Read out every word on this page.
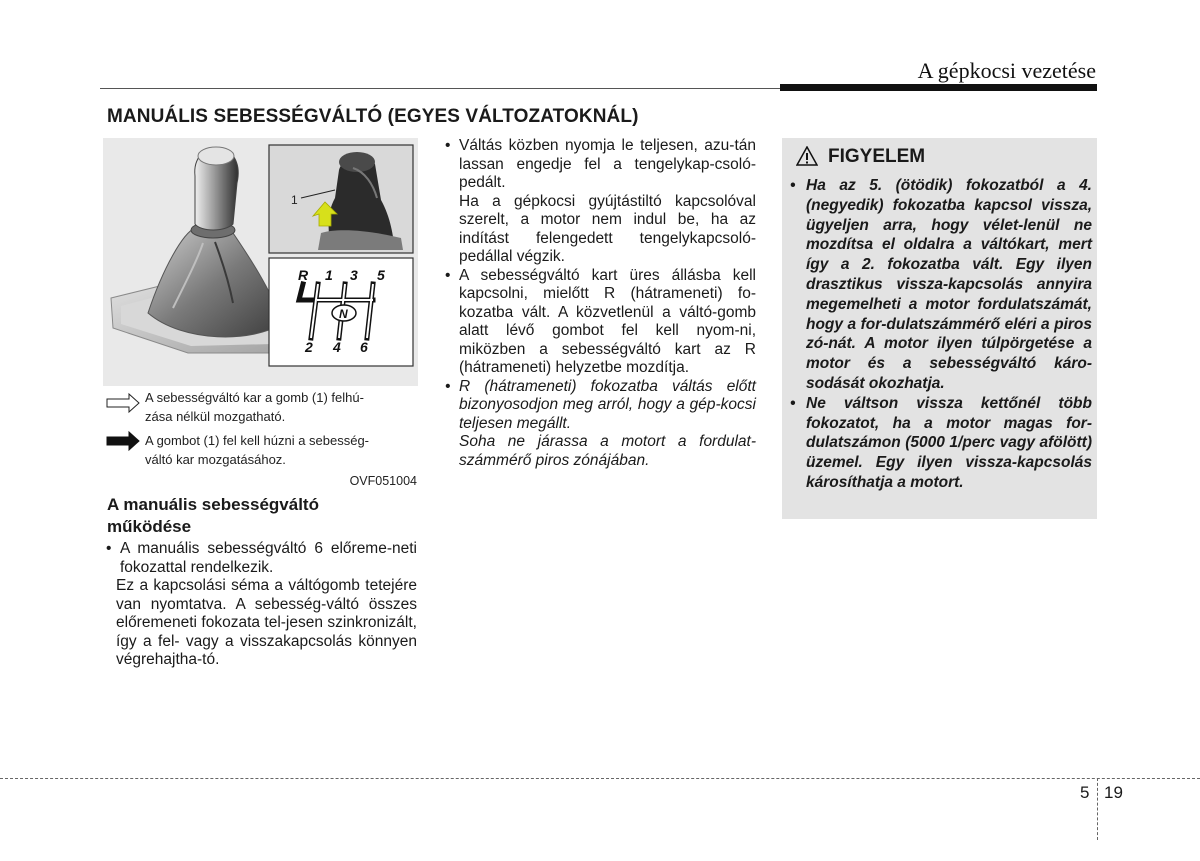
A gépkocsi vezetése
MANUÁLIS SEBESSÉGVÁLTÓ (EGYES VÁLTOZATOKNÁL)
1
R 1 3 5
2 4 6
N
A sebességváltó kar a gomb (1) felhú-
zása nélkül mozgatható.
A gombot (1) fel kell húzni a sebesség-
váltó kar mozgatásához.
OVF051004
A manuális sebességváltó
működése
• A manuális sebességváltó 6 előreme-neti fokozattal rendelkezik.
Ez a kapcsolási séma a váltógomb tetejére van nyomtatva. A sebesség-váltó összes előremeneti fokozata tel-jesen szinkronizált, így a fel- vagy a visszakapcsolás könnyen végrehajtha-tó.
• Váltás közben nyomja le teljesen, azu-tán lassan engedje fel a tengelykap-csoló-pedált.
Ha a gépkocsi gyújtástiltó kapcsolóval szerelt, a motor nem indul be, ha az indítást felengedett tengelykapcsoló-pedállal végzik.
• A sebességváltó kart üres állásba kell kapcsolni, mielőtt R (hátrameneti) fo-kozatba vált. A közvetlenül a váltó-gomb alatt lévő gombot fel kell nyom-ni, miközben a sebességváltó kart az R (hátrameneti) helyzetbe mozdítja.
• R (hátrameneti) fokozatba váltás előtt bizonyosodjon meg arról, hogy a gép-kocsi teljesen megállt.
Soha ne járassa a motort a fordulat-számmérő piros zónájában.
FIGYELEM
• Ha az 5. (ötödik) fokozatból a 4. (negyedik) fokozatba kapcsol vissza, ügyeljen arra, hogy vélet-lenül ne mozdítsa el oldalra a váltókart, mert így a 2. fokozatba vált. Egy ilyen drasztikus vissza-kapcsolás annyira megemelheti a motor fordulatszámát, hogy a for-dulatszámmérő eléri a piros zó-nát. A motor ilyen túlpörgetése a motor és a sebességváltó káro-sodását okozhatja.
• Ne váltson vissza kettőnél több fokozatot, ha a motor magas for-dulatszámon (5000 1/perc vagy afölött) üzemel. Egy ilyen vissza-kapcsolás károsíthatja a motort.
5 19
